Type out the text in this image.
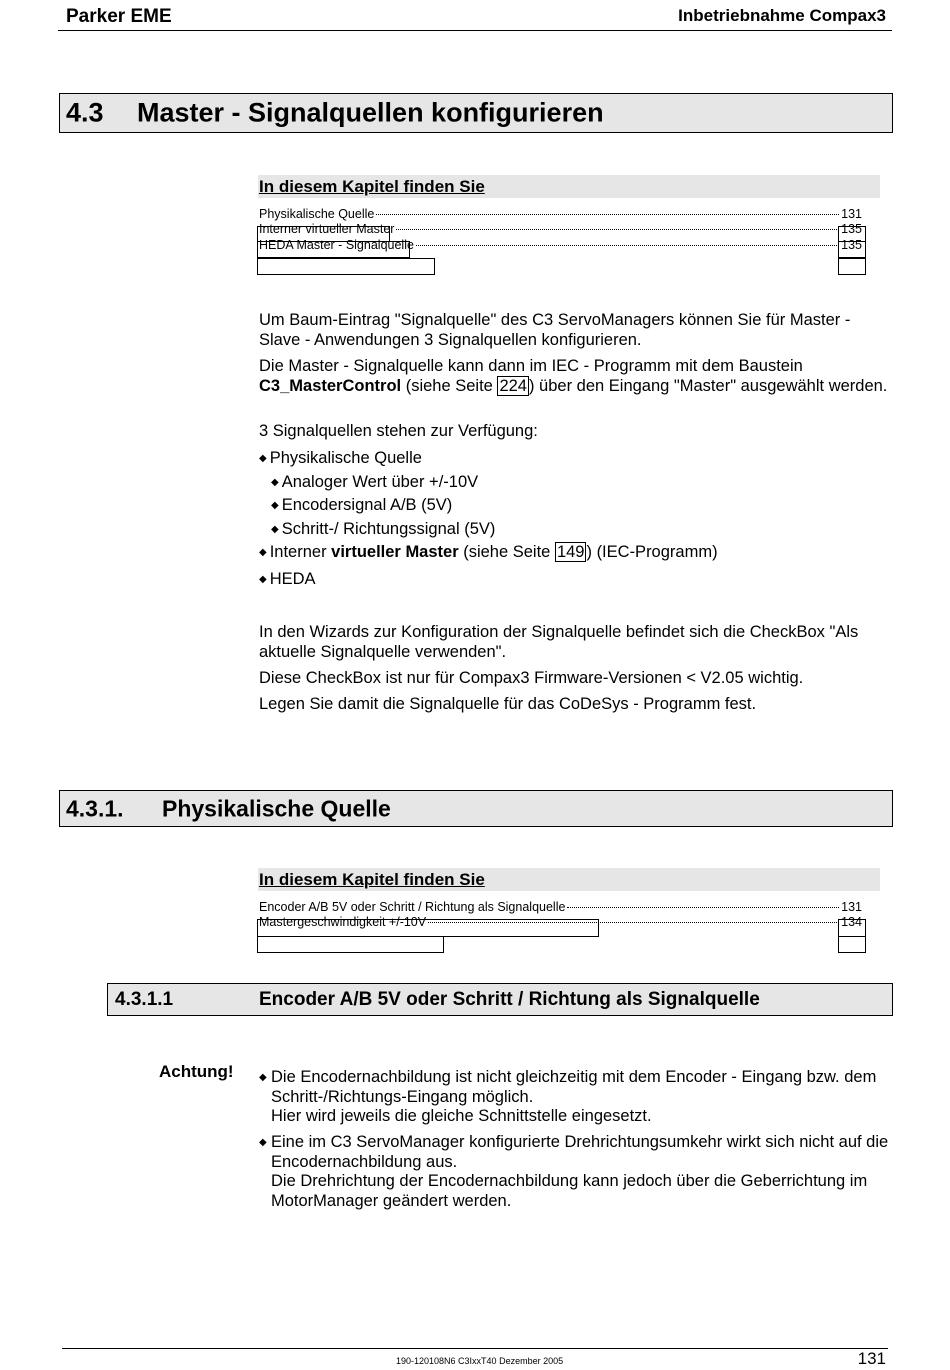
Parker EME	Inbetriebnahme Compax3
4.3 Master - Signalquellen konfigurieren
In diesem Kapitel finden Sie
Physikalische Quelle	131
Interner virtueller Master	135
HEDA Master - Signalquelle	135
Um Baum-Eintrag "Signalquelle" des C3 ServoManagers können Sie für Master - Slave - Anwendungen 3 Signalquellen konfigurieren.
Die Master - Signalquelle kann dann im IEC - Programm mit dem Baustein C3_MasterControl (siehe Seite 224 ) über den Eingang "Master" ausgewählt werden.
3 Signalquellen stehen zur Verfügung:
◆ Physikalische Quelle
◆ Analoger Wert über +/-10V
◆ Encodersignal A/B (5V)
◆ Schritt-/ Richtungssignal (5V)
◆ Interner virtueller Master (siehe Seite 149 ) (IEC-Programm)
◆ HEDA
In den Wizards zur Konfiguration der Signalquelle befindet sich die CheckBox "Als aktuelle Signalquelle verwenden".
Diese CheckBox ist nur für Compax3 Firmware-Versionen < V2.05 wichtig.
Legen Sie damit die Signalquelle für das CoDeSys - Programm fest.
4.3.1. Physikalische Quelle
In diesem Kapitel finden Sie
Encoder A/B 5V oder Schritt / Richtung als Signalquelle	131
Mastergeschwindigkeit +/-10V	134
4.3.1.1	Encoder A/B 5V oder Schritt / Richtung als Signalquelle
Achtung!	◆ Die Encodernachbildung ist nicht gleichzeitig mit dem Encoder - Eingang bzw. dem Schritt-/Richtungs-Eingang möglich.
Hier wird jeweils die gleiche Schnittstelle eingesetzt.
◆ Eine im C3 ServoManager konfigurierte Drehrichtungsumkehr wirkt sich nicht auf die Encodernachbildung aus.
Die Drehrichtung der Encodernachbildung kann jedoch über die Geberrichtung im MotorManager geändert werden.
190-120108N6 C3IxxT40 Dezember 2005	131
